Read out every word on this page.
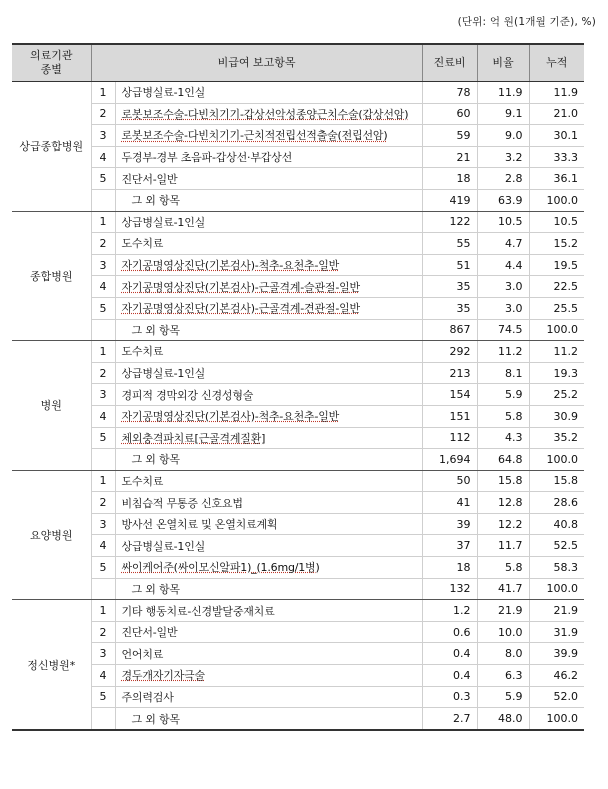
(단위: 억 원(1개월 기준), %)
의료기관
종별	비급여 보고항목		진료비	비율	누적
상급종합병원	1	상급병실료-1인실	78	11.9	11.9
	2	로봇보조수술-다빈치기기-갑상선악성종양근치수술(갑상선암)	60	9.1	21.0
	3	로봇보조수술-다빈치기기-근치적전립선적출술(전립선암)	59	9.0	30.1
	4	두경부-경부 초음파-갑상선·부갑상선	21	3.2	33.3
	5	진단서-일반	18	2.8	36.1
		그 외 항목	419	63.9	100.0
종합병원	1	상급병실료-1인실	122	10.5	10.5
	2	도수치료	55	4.7	15.2
	3	자기공명영상진단(기본검사)-척추-요천추-일반	51	4.4	19.5
	4	자기공명영상진단(기본검사)-근골격계-슬관절-일반	35	3.0	22.5
	5	자기공명영상진단(기본검사)-근골격계-견관절-일반	35	3.0	25.5
		그 외 항목	867	74.5	100.0
병원	1	도수치료	292	11.2	11.2
	2	상급병실료-1인실	213	8.1	19.3
	3	경피적 경막외강 신경성형술	154	5.9	25.2
	4	자기공명영상진단(기본검사)-척추-요천추-일반	151	5.8	30.9
	5	체외충격파치료[근골격계질환]	112	4.3	35.2
		그 외 항목	1,694	64.8	100.0
요양병원	1	도수치료	50	15.8	15.8
	2	비침습적 무통증 신호요법	41	12.8	28.6
	3	방사선 온열치료 및 온열치료계획	39	12.2	40.8
	4	상급병실료-1인실	37	11.7	52.5
	5	싸이케어주(싸이모신알파1)_(1.6mg/1병)	18	5.8	58.3
		그 외 항목	132	41.7	100.0
정신병원*	1	기타 행동치료-신경발달중재치료	1.2	21.9	21.9
	2	진단서-일반	0.6	10.0	31.9
	3	언어치료	0.4	8.0	39.9
	4	경두개자기자극술	0.4	6.3	46.2
	5	주의력검사	0.3	5.9	52.0
		그 외 항목	2.7	48.0	100.0
